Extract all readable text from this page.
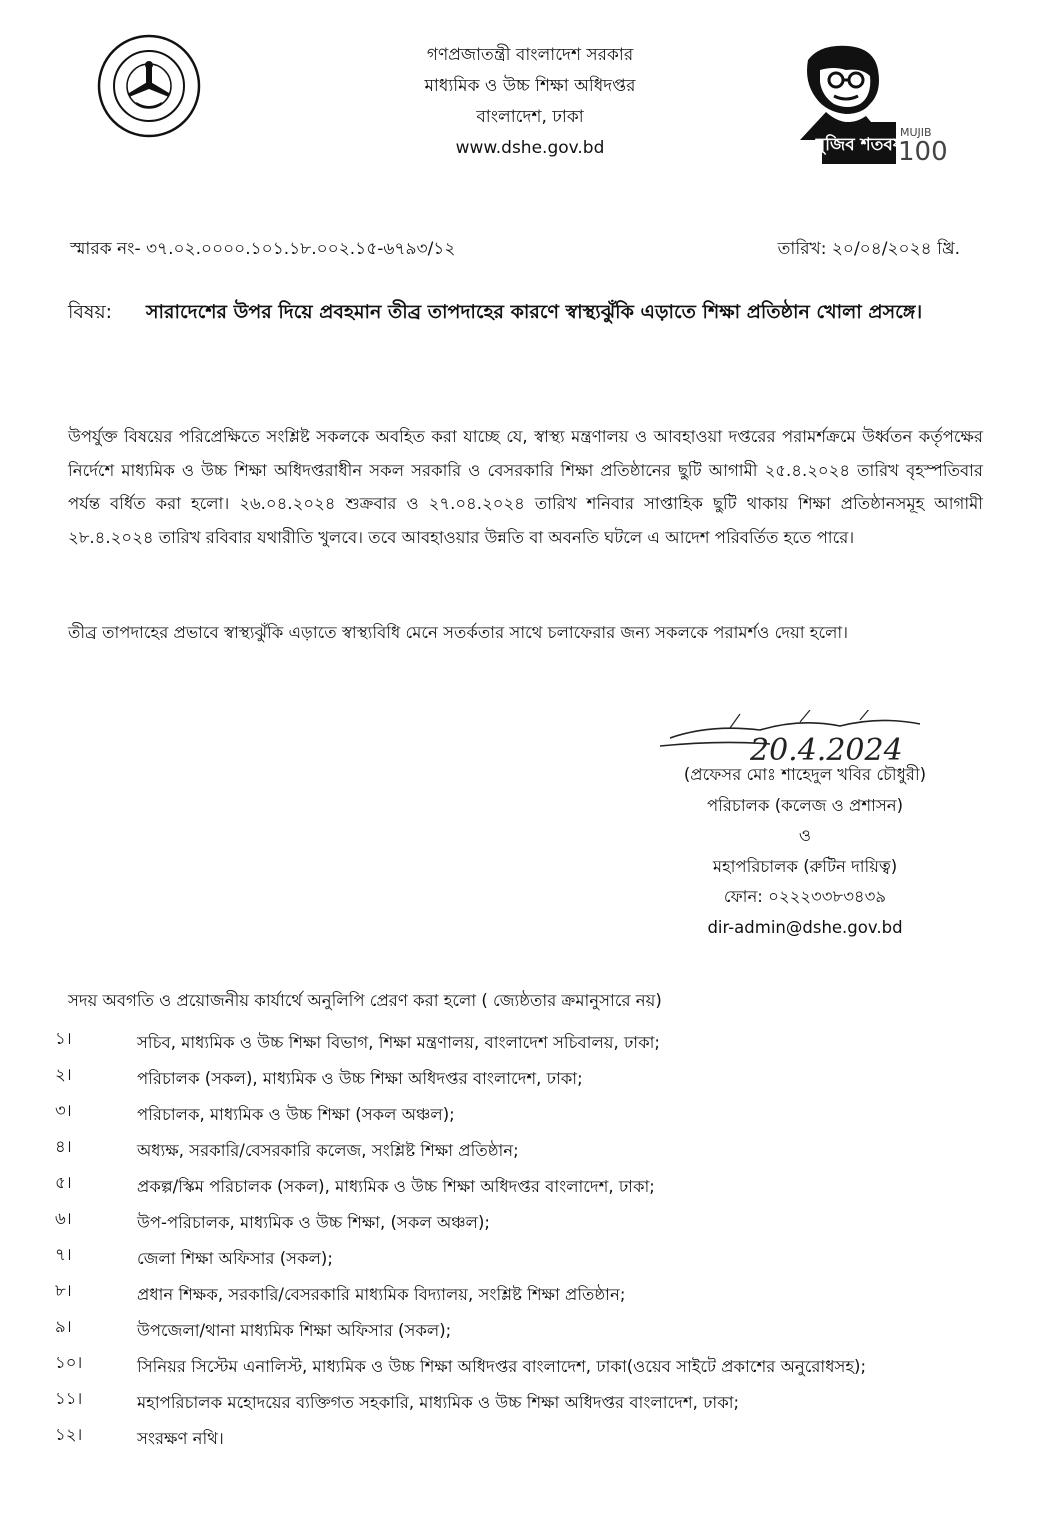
গণপ্রজাতন্ত্রী বাংলাদেশ সরকার
মাধ্যমিক ও উচ্চ শিক্ষা অধিদপ্তর
বাংলাদেশ, ঢাকা
www.dshe.gov.bd	মুজিব শতবর্ষ
MUJIB
100
স্মারক নং- ৩৭.০২.০০০০.১০১.১৮.০০২.১৫-৬৭৯৩/১২	তারিখ: ২০/০৪/২০২৪ খ্রি.
বিষয়: সারাদেশের উপর দিয়ে প্রবহমান তীব্র তাপদাহের কারণে স্বাস্থ্যঝুঁকি এড়াতে শিক্ষা প্রতিষ্ঠান খোলা প্রসঙ্গে।
উপর্যুক্ত বিষয়ের পরিপ্রেক্ষিতে সংশ্লিষ্ট সকলকে অবহিত করা যাচ্ছে যে, স্বাস্থ্য মন্ত্রণালয় ও আবহাওয়া দপ্তরের পরামর্শক্রমে উর্ধ্বতন কর্তৃপক্ষের নির্দেশে মাধ্যমিক ও উচ্চ শিক্ষা অধিদপ্তরাধীন সকল সরকারি ও বেসরকারি শিক্ষা প্রতিষ্ঠানের ছুটি আগামী ২৫.৪.২০২৪ তারিখ বৃহস্পতিবার পর্যন্ত বর্ধিত করা হলো। ২৬.০৪.২০২৪ শুক্রবার ও ২৭.০৪.২০২৪ তারিখ শনিবার সাপ্তাহিক ছুটি থাকায় শিক্ষা প্রতিষ্ঠানসমূহ আগামী ২৮.৪.২০২৪ তারিখ রবিবার যথারীতি খুলবে। তবে আবহাওয়ার উন্নতি বা অবনতি ঘটলে এ আদেশ পরিবর্তিত হতে পারে।
তীব্র তাপদাহের প্রভাবে স্বাস্থ্যঝুঁকি এড়াতে স্বাস্থ্যবিধি মেনে সতর্কতার সাথে চলাফেরার জন্য সকলকে পরামর্শও দেয়া হলো।
20.4.2024
(প্রফেসর মোঃ শাহেদুল খবির চৌধুরী)
পরিচালক (কলেজ ও প্রশাসন)
ও
মহাপরিচালক (রুটিন দায়িত্ব)
ফোন: ০২২২৩৩৮৩৪৩৯
dir-admin@dshe.gov.bd
সদয় অবগতি ও প্রয়োজনীয় কার্যার্থে অনুলিপি প্রেরণ করা হলো ( জ্যেষ্ঠতার ক্রমানুসারে নয়)
১।	সচিব, মাধ্যমিক ও উচ্চ শিক্ষা বিভাগ, শিক্ষা মন্ত্রণালয়, বাংলাদেশ সচিবালয়, ঢাকা;
২।	পরিচালক (সকল), মাধ্যমিক ও উচ্চ শিক্ষা অধিদপ্তর বাংলাদেশ, ঢাকা;
৩।	পরিচালক, মাধ্যমিক ও উচ্চ শিক্ষা (সকল অঞ্চল);
৪।	অধ্যক্ষ, সরকারি/বেসরকারি কলেজ, সংশ্লিষ্ট শিক্ষা প্রতিষ্ঠান;
৫।	প্রকল্প/স্কিম পরিচালক (সকল), মাধ্যমিক ও উচ্চ শিক্ষা অধিদপ্তর বাংলাদেশ, ঢাকা;
৬।	উপ-পরিচালক, মাধ্যমিক ও উচ্চ শিক্ষা, (সকল অঞ্চল);
৭।	জেলা শিক্ষা অফিসার (সকল);
৮।	প্রধান শিক্ষক, সরকারি/বেসরকারি মাধ্যমিক বিদ্যালয়, সংশ্লিষ্ট শিক্ষা প্রতিষ্ঠান;
৯।	উপজেলা/থানা মাধ্যমিক শিক্ষা অফিসার (সকল);
১০।	সিনিয়র সিস্টেম এনালিস্ট, মাধ্যমিক ও উচ্চ শিক্ষা অধিদপ্তর বাংলাদেশ, ঢাকা(ওয়েব সাইটে প্রকাশের অনুরোধসহ);
১১।	মহাপরিচালক মহোদয়ের ব্যক্তিগত সহকারি, মাধ্যমিক ও উচ্চ শিক্ষা অধিদপ্তর বাংলাদেশ, ঢাকা;
১২।	সংরক্ষণ নথি।
